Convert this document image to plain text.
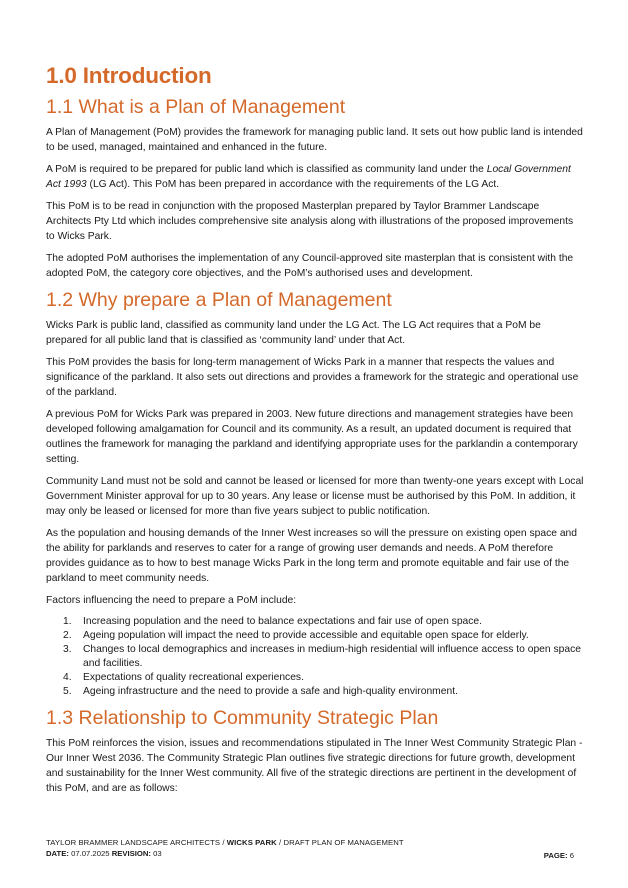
1.0 Introduction
1.1 What is a Plan of Management

A Plan of Management (PoM) provides the framework for managing public land. It sets out how public land is intended to be used, managed, maintained and enhanced in the future.

A PoM is required to be prepared for public land which is classified as community land under the Local Government Act 1993 (LG Act). This PoM has been prepared in accordance with the requirements of the LG Act.

This PoM is to be read in conjunction with the proposed Masterplan prepared by Taylor Brammer Landscape Architects Pty Ltd which includes comprehensive site analysis along with illustrations of the proposed improvements to Wicks Park.

The adopted PoM authorises the implementation of any Council-approved site masterplan that is consistent with the adopted PoM, the category core objectives, and the PoM’s authorised uses and development.

1.2 Why prepare a Plan of Management

Wicks Park is public land, classified as community land under the LG Act. The LG Act requires that a PoM be prepared for all public land that is classified as ‘community land’ under that Act.

This PoM provides the basis for long-term management of Wicks Park in a manner that respects the values and significance of the parkland. It also sets out directions and provides a framework for the strategic and operational use of the parkland.

A previous PoM for Wicks Park was prepared in 2003. New future directions and management strategies have been developed following amalgamation for Council and its community. As a result, an updated document is required that outlines the framework for managing the parkland and identifying appropriate uses for the parklandin a contemporary setting.

Community Land must not be sold and cannot be leased or licensed for more than twenty-one years except with Local Government Minister approval for up to 30 years. Any lease or license must be authorised by this PoM. In addition, it may only be leased or licensed for more than five years subject to public notification.

As the population and housing demands of the Inner West increases so will the pressure on existing open space and the ability for parklands and reserves to cater for a range of growing user demands and needs. A PoM therefore provides guidance as to how to best manage Wicks Park in the long term and promote equitable and fair use of the parkland to meet community needs.

Factors influencing the need to prepare a PoM include:

1. Increasing population and the need to balance expectations and fair use of open space.
2. Ageing population will impact the need to provide accessible and equitable open space for elderly.
3. Changes to local demographics and increases in medium-high residential will influence access to open space and facilities.
4. Expectations of quality recreational experiences.
5. Ageing infrastructure and the need to provide a safe and high-quality environment.
1.3 Relationship to Community Strategic Plan

This PoM reinforces the vision, issues and recommendations stipulated in The Inner West Community Strategic Plan - Our Inner West 2036. The Community Strategic Plan outlines five strategic directions for future growth, development and sustainability for the Inner West community. All five of the strategic directions are pertinent in the development of this PoM, and are as follows:

TAYLOR BRAMMER LANDSCAPE ARCHITECTS / WICKS PARK / DRAFT PLAN OF MANAGEMENT
DATE: 07.07.2025 REVISION: 03	PAGE: 6
